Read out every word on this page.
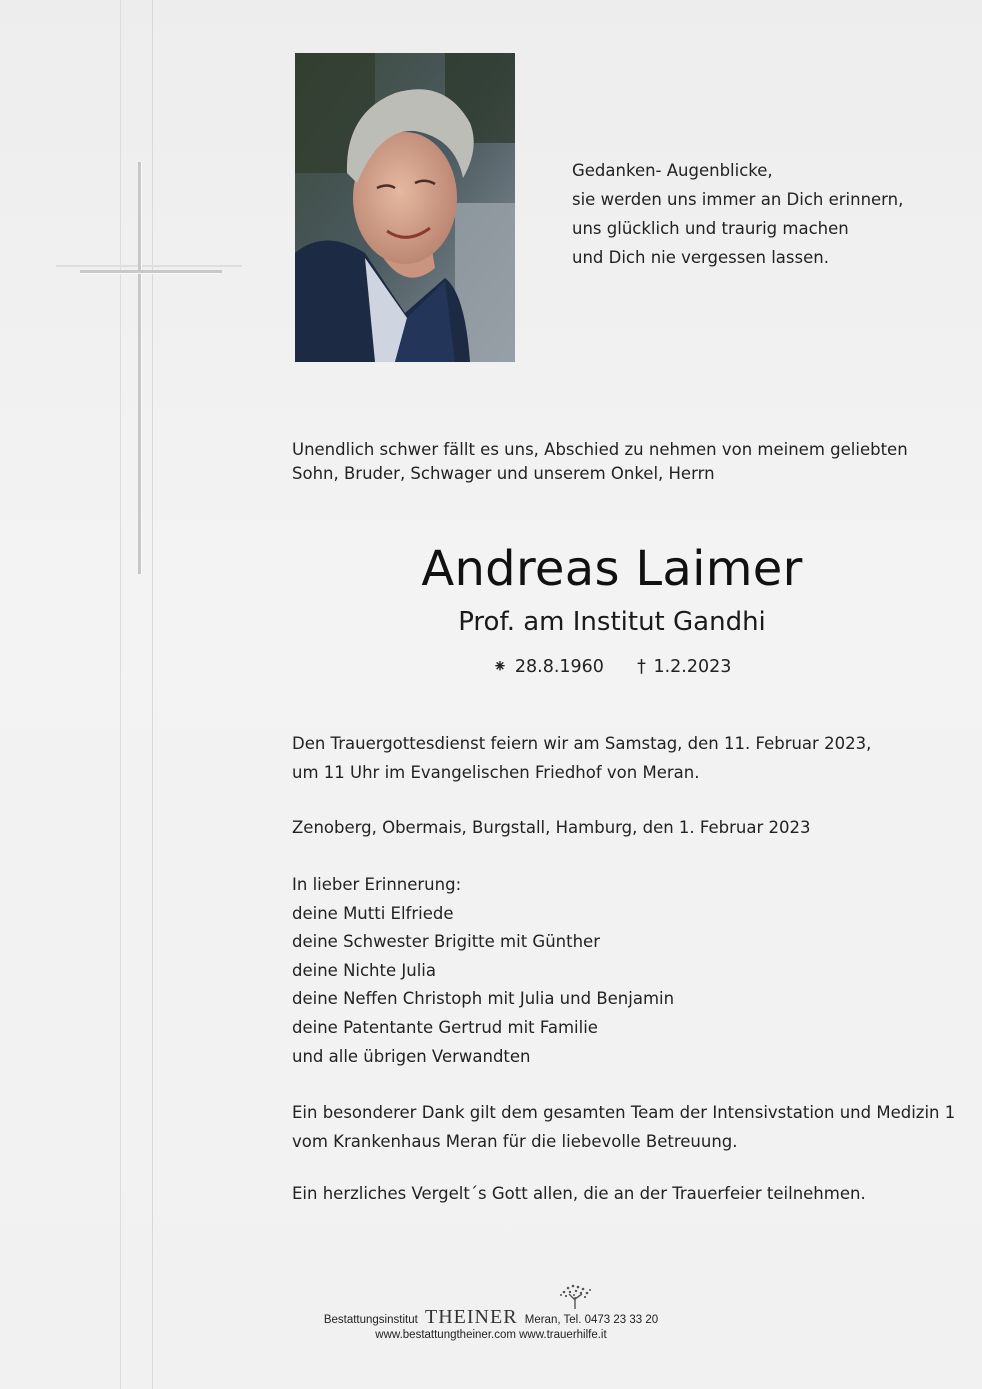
Gedanken- Augenblicke,
sie werden uns immer an Dich erinnern,
uns glücklich und traurig machen
und Dich nie vergessen lassen.
Unendlich schwer fällt es uns, Abschied zu nehmen von meinem geliebten
Sohn, Bruder, Schwager und unserem Onkel, Herrn
Andreas Laimer
Prof. am Institut Gandhi
⁕ 28.8.1960 † 1.2.2023
Den Trauergottesdienst feiern wir am Samstag, den 11. Februar 2023,
um 11 Uhr im Evangelischen Friedhof von Meran.
Zenoberg, Obermais, Burgstall, Hamburg, den 1. Februar 2023
In lieber Erinnerung:
deine Mutti Elfriede
deine Schwester Brigitte mit Günther
deine Nichte Julia
deine Neffen Christoph mit Julia und Benjamin
deine Patentante Gertrud mit Familie
und alle übrigen Verwandten
Ein besonderer Dank gilt dem gesamten Team der Intensivstation und Medizin 1
vom Krankenhaus Meran für die liebevolle Betreuung.
Ein herzliches Vergelt´s Gott allen, die an der Trauerfeier teilnehmen.
Bestattungsinstitut THEINER Meran, Tel. 0473 23 33 20
www.bestattungtheiner.com www.trauerhilfe.it
